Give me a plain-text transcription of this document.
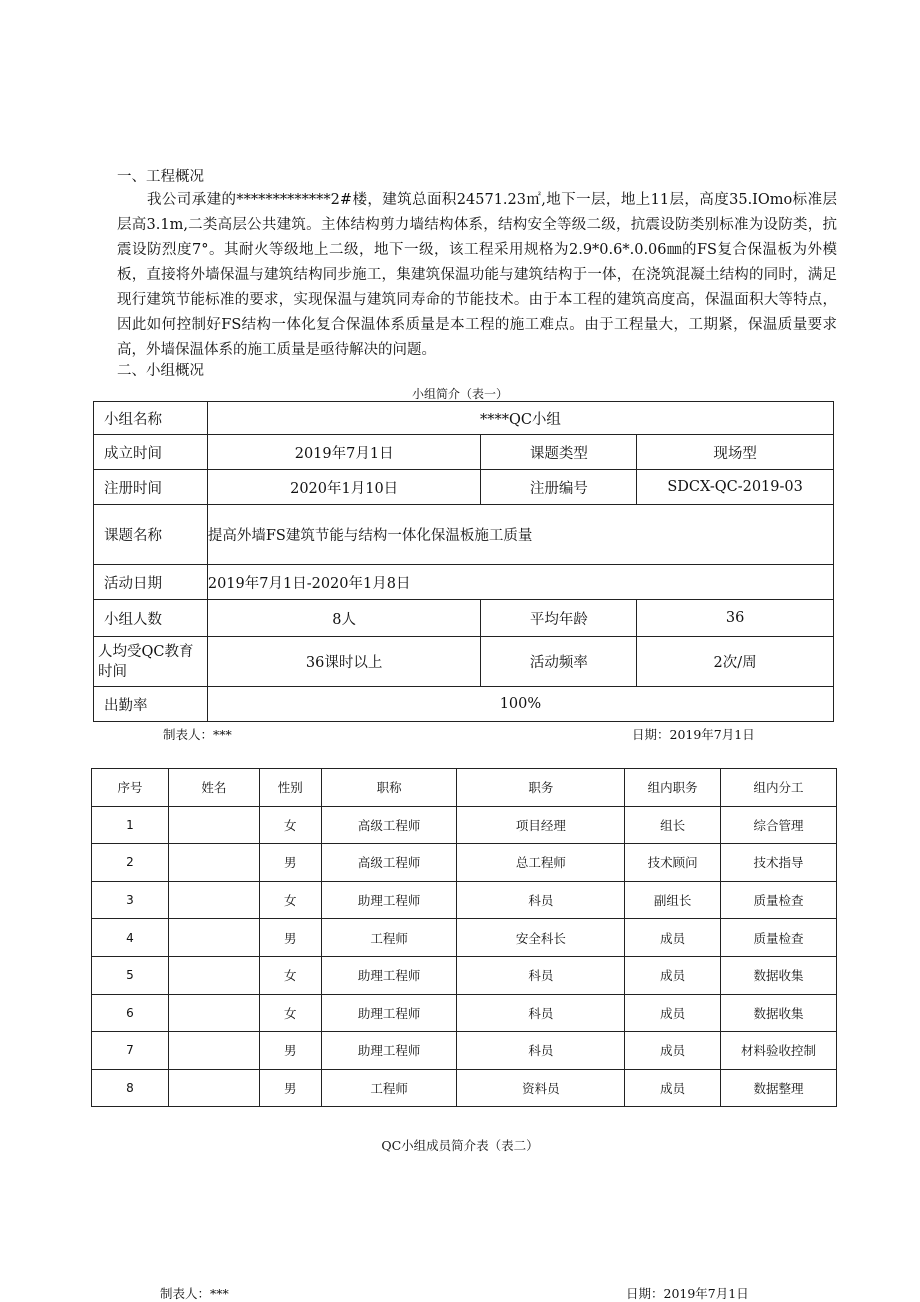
一、工程概况
我公司承建的*************2#楼，建筑总面积24571.23㎡,地下一层，地上11层，高度35.IOmo标准层层高3.1m,二类高层公共建筑。主体结构剪力墙结构体系，结构安全等级二级，抗震设防类别标准为设防类，抗震设防烈度7°。其耐火等级地上二级，地下一级，该工程采用规格为2.9*0.6*.0.06㎜的FS复合保温板为外模板，直接将外墙保温与建筑结构同步施工，集建筑保温功能与建筑结构于一体，在浇筑混凝土结构的同时，满足现行建筑节能标准的要求，实现保温与建筑同寿命的节能技术。由于本工程的建筑高度高，保温面积大等特点，因此如何控制好FS结构一体化复合保温体系质量是本工程的施工难点。由于工程量大，工期紧，保温质量要求高，外墙保温体系的施工质量是亟待解决的问题。
二、小组概况
小组简介（表一）
小组名称	****QC小组		
成立时间	2019年7月1日	课题类型	现场型
注册时间	2020年1月10日	注册编号	SDCX-QC-2019-03
课题名称	提高外墙FS建筑节能与结构一体化保温板施工质量		
活动日期	2019年7月1日-2020年1月8日		
小组人数	8人	平均年龄	36
人均受QC教育时间	36课时以上	活动频率	2次/周
出勤率	100%		
制表人：***	日期：2019年7月1日
序号	姓名	性别	职称	职务	组内职务	组内分工
1		女	高级工程师	项目经理	组长	综合管理
2		男	高级工程师	总工程师	技术顾问	技术指导
3		女	助理工程师	科员	副组长	质量检查
4		男	工程师	安全科长	成员	质量检查
5		女	助理工程师	科员	成员	数据收集
6		女	助理工程师	科员	成员	数据收集
7		男	助理工程师	科员	成员	材料验收控制
8		男	工程师	资料员	成员	数据整理
QC小组成员简介表（表二）
制表人：***	日期：2019年7月1日
